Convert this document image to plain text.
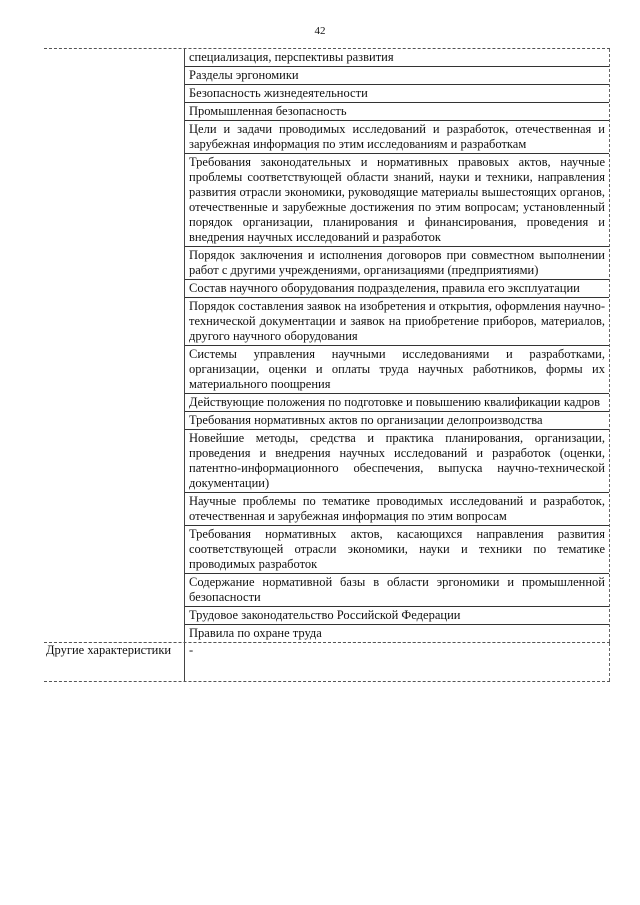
42
специализация, перспективы развития
Разделы эргономики
Безопасность жизнедеятельности
Промышленная безопасность
Цели и задачи проводимых исследований и разработок, отечественная и зарубежная информация по этим исследованиям и разработкам
Требования законодательных и нормативных правовых актов, научные проблемы соответствующей области знаний, науки и техники, направления развития отрасли экономики, руководящие материалы вышестоящих органов, отечественные и зарубежные достижения по этим вопросам; установленный порядок организации, планирования и финансирования, проведения и внедрения научных исследований и разработок
Порядок заключения и исполнения договоров при совместном выполнении работ с другими учреждениями, организациями (предприятиями)
Состав научного оборудования подразделения, правила его эксплуатации
Порядок составления заявок на изобретения и открытия, оформления научно-технической документации и заявок на приобретение приборов, материалов, другого научного оборудования
Системы управления научными исследованиями и разработками, организации, оценки и оплаты труда научных работников, формы их материального поощрения
Действующие положения по подготовке и повышению квалификации кадров
Требования нормативных актов по организации делопроизводства
Новейшие методы, средства и практика планирования, организации, проведения и внедрения научных исследований и разработок (оценки, патентно-информационного обеспечения, выпуска научно-технической документации)
Научные проблемы по тематике проводимых исследований и разработок, отечественная и зарубежная информация по этим вопросам
Требования нормативных актов, касающихся направления развития соответствующей отрасли экономики, науки и техники по тематике проводимых разработок
Содержание нормативной базы в области эргономики и промышленной безопасности
Трудовое законодательство Российской Федерации
Правила по охране труда
Другие характеристики	-
